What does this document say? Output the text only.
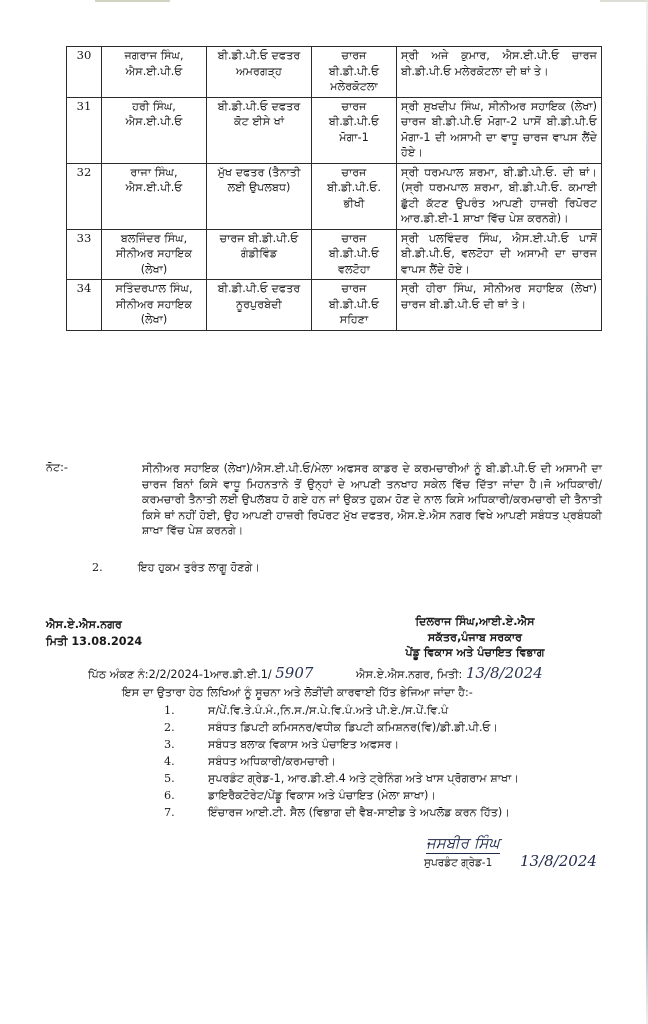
30	ਜਗਰਾਜ ਸਿੰਘ, ਐਸ.ਈ.ਪੀ.ਓ	ਬੀ.ਡੀ.ਪੀ.ਓ ਦਫਤਰ ਅਮਰਗੜ੍ਹ	ਚਾਰਜ ਬੀ.ਡੀ.ਪੀ.ਓ ਮਲੇਰਕੋਟਲਾ	ਸ੍ਰੀ ਅਜੇ ਕੁਮਾਰ, ਐਸ.ਈ.ਪੀ.ਓ ਚਾਰਜ ਬੀ.ਡੀ.ਪੀ.ਓ ਮਲੇਰਕੋਟਲਾ ਦੀ ਥਾਂ ਤੇ।
31	ਹਰੀ ਸਿੰਘ, ਐਸ.ਈ.ਪੀ.ਓ	ਬੀ.ਡੀ.ਪੀ.ਓ ਦਫਤਰ ਕੋਟ ਈਸੇ ਖਾਂ	ਚਾਰਜ ਬੀ.ਡੀ.ਪੀ.ਓ ਮੋਗਾ-1	ਸ੍ਰੀ ਸੁਖਦੀਪ ਸਿੰਘ, ਸੀਨੀਅਰ ਸਹਾਇਕ (ਲੇਖਾ) ਚਾਰਜ ਬੀ.ਡੀ.ਪੀ.ਓ ਮੋਗਾ-2 ਪਾਸੋਂ ਬੀ.ਡੀ.ਪੀ.ਓ ਮੋਗਾ-1 ਦੀ ਅਸਾਮੀ ਦਾ ਵਾਧੂ ਚਾਰਜ ਵਾਪਸ ਲੈਂਦੇ ਹੋਏ।
32	ਰਾਜਾ ਸਿੰਘ, ਐਸ.ਈ.ਪੀ.ਓ	ਮੁੱਖ ਦਫਤਰ (ਤੈਨਾਤੀ ਲਈ ਉਪਲਬਧ)	ਚਾਰਜ ਬੀ.ਡੀ.ਪੀ.ਓ. ਭੀਖੀ	ਸ੍ਰੀ ਧਰਮਪਾਲ ਸ਼ਰਮਾ, ਬੀ.ਡੀ.ਪੀ.ਓ. ਦੀ ਥਾਂ। (ਸ੍ਰੀ ਧਰਮਪਾਲ ਸ਼ਰਮਾ, ਬੀ.ਡੀ.ਪੀ.ਓ. ਕਮਾਈ ਛੁੱਟੀ ਕੱਟਣ ਉਪਰੰਤ ਆਪਣੀ ਹਾਜਰੀ ਰਿਪੋਰਟ ਆਰ.ਡੀ.ਈ-1 ਸ਼ਾਖਾ ਵਿੱਚ ਪੇਸ਼ ਕਰਨਗੇ)।
33	ਬਲਜਿੰਦਰ ਸਿੰਘ, ਸੀਨੀਅਰ ਸਹਾਇਕ (ਲੇਖਾ)	ਚਾਰਜ ਬੀ.ਡੀ.ਪੀ.ਓ ਗੰਡੀਵਿੰਡ	ਚਾਰਜ ਬੀ.ਡੀ.ਪੀ.ਓ ਵਲਟੋਹਾ	ਸ੍ਰੀ ਪਲਵਿੰਦਰ ਸਿੰਘ, ਐਸ.ਈ.ਪੀ.ਓ ਪਾਸੋਂ ਬੀ.ਡੀ.ਪੀ.ਓ, ਵਲਟੋਹਾ ਦੀ ਅਸਾਮੀ ਦਾ ਚਾਰਜ ਵਾਪਸ ਲੈਂਦੇ ਹੋਏ।
34	ਸਤਿੰਦਰਪਾਲ ਸਿੰਘ, ਸੀਨੀਅਰ ਸਹਾਇਕ (ਲੇਖਾ)	ਬੀ.ਡੀ.ਪੀ.ਓ ਦਫਤਰ ਨੂਰਪੁਰਬੇਦੀ	ਚਾਰਜ ਬੀ.ਡੀ.ਪੀ.ਓ ਸਹਿਣਾ	ਸ੍ਰੀ ਹੀਰਾ ਸਿੰਘ, ਸੀਨੀਅਰ ਸਹਾਇਕ (ਲੇਖਾ) ਚਾਰਜ ਬੀ.ਡੀ.ਪੀ.ਓ ਦੀ ਥਾਂ ਤੇ।
ਨੋਟ:-	ਸੀਨੀਅਰ ਸਹਾਇਕ (ਲੇਖਾ)/ਐਸ.ਈ.ਪੀ.ਓ/ਮੇਲਾ ਅਫਸਰ ਕਾਡਰ ਦੇ ਕਰਮਚਾਰੀਆਂ ਨੂੰ ਬੀ.ਡੀ.ਪੀ.ਓ ਦੀ ਅਸਾਮੀ ਦਾ ਚਾਰਜ ਬਿਨਾਂ ਕਿਸੇ ਵਾਧੂ ਮਿਹਨਤਾਨੇ ਤੋਂ ਉਨ੍ਹਾਂ ਦੇ ਆਪਣੀ ਤਨਖਾਹ ਸਕੇਲ ਵਿੱਚ ਦਿੱਤਾ ਜਾਂਦਾ ਹੈ।ਜੋ ਅਧਿਕਾਰੀ/ਕਰਮਚਾਰੀ ਤੈਨਾਤੀ ਲਈ ਉਪਲੱਬਧ ਹੋ ਗਏ ਹਨ ਜਾਂ ਉਕਤ ਹੁਕਮ ਹੋਣ ਦੇ ਨਾਲ ਕਿਸੇ ਅਧਿਕਾਰੀ/ਕਰਮਚਾਰੀ ਦੀ ਤੈਨਾਤੀ ਕਿਸੇ ਥਾਂ ਨਹੀਂ ਹੋਈ, ਉਹ ਆਪਣੀ ਹਾਜ਼ਰੀ ਰਿਪੋਰਟ ਮੁੱਖ ਦਫਤਰ, ਐਸ.ਏ.ਐਸ ਨਗਰ ਵਿਖੇ ਆਪਣੀ ਸਬੰਧਤ ਪ੍ਰਬੰਧਕੀ ਸ਼ਾਖਾ ਵਿੱਚ ਪੇਸ਼ ਕਰਨਗੇ।
2.	ਇਹ ਹੁਕਮ ਤੁਰੰਤ ਲਾਗੂ ਹੋਣਗੇ।
ਐਸ.ਏ.ਐਸ.ਨਗਰ
ਮਿਤੀ 13.08.2024
ਦਿਲਰਾਜ ਸਿੰਘ,ਆਈ.ਏ.ਐਸ
ਸਕੱਤਰ,ਪੰਜਾਬ ਸਰਕਾਰ
ਪੇਂਡੂ ਵਿਕਾਸ ਅਤੇ ਪੰਚਾਇਤ ਵਿਭਾਗ
ਪਿੱਠ ਅੰਕਣ ਨੰ:2/2/2024-1ਆਰ.ਡੀ.ਈ.1/ 5907	ਐਸ.ਏ.ਐਸ.ਨਗਰ, ਮਿਤੀ: 13/8/2024
ਇਸ ਦਾ ਉਤਾਰਾ ਹੇਠ ਲਿਖਿਆਂ ਨੂੰ ਸੂਚਨਾ ਅਤੇ ਲੋੜੀਂਦੀ ਕਾਰਵਾਈ ਹਿੱਤ ਭੇਜਿਆ ਜਾਂਦਾ ਹੈ:-
1.	ਸ/ਪੇਂ.ਵਿ.ਤੇ.ਪੰ.ਮੰ.,ਨਿ.ਸ./ਸ.ਪੇ.ਵਿ.ਪੰ.ਅਤੇ ਪੀ.ਏ./ਸ.ਪੇਂ.ਵਿ.ਪੰ
2.	ਸਬੰਧਤ ਡਿਪਟੀ ਕਮਿਸਨਰ/ਵਧੀਕ ਡਿਪਟੀ ਕਮਿਸ਼ਨਰ(ਵਿ)/ਡੀ.ਡੀ.ਪੀ.ਓ।
3.	ਸਬੰਧਤ ਬਲਾਕ ਵਿਕਾਸ ਅਤੇ ਪੰਚਾਇਤ ਅਫਸਰ।
4.	ਸਬੰਧਤ ਅਧਿਕਾਰੀ/ਕਰਮਚਾਰੀ।
5.	ਸੁਪਰਡੰਟ ਗ੍ਰੇਡ-1, ਆਰ.ਡੀ.ਈ.4 ਅਤੇ ਟ੍ਰੇਨਿੰਗ ਅਤੇ ਖਾਸ ਪ੍ਰੋਗਰਾਮ ਸ਼ਾਖਾ।
6.	ਡਾਇਰੈਕਟੋਰੇਟ/ਪੇਂਡੂ ਵਿਕਾਸ ਅਤੇ ਪੰਚਾਇਤ (ਮੇਲਾ ਸ਼ਾਖਾ)।
7.	ਇੰਚਾਰਜ ਆਈ.ਟੀ. ਸੈਲ (ਵਿਭਾਗ ਦੀ ਵੈਬ-ਸਾਈਡ ਤੇ ਅਪਲੋਡ ਕਰਨ ਹਿੱਤ)।
ਜਸਬੀਰ ਸਿੰਘ
ਸੁਪਰਡੰਟ ਗ੍ਰੇਡ-1 13/8/2024
